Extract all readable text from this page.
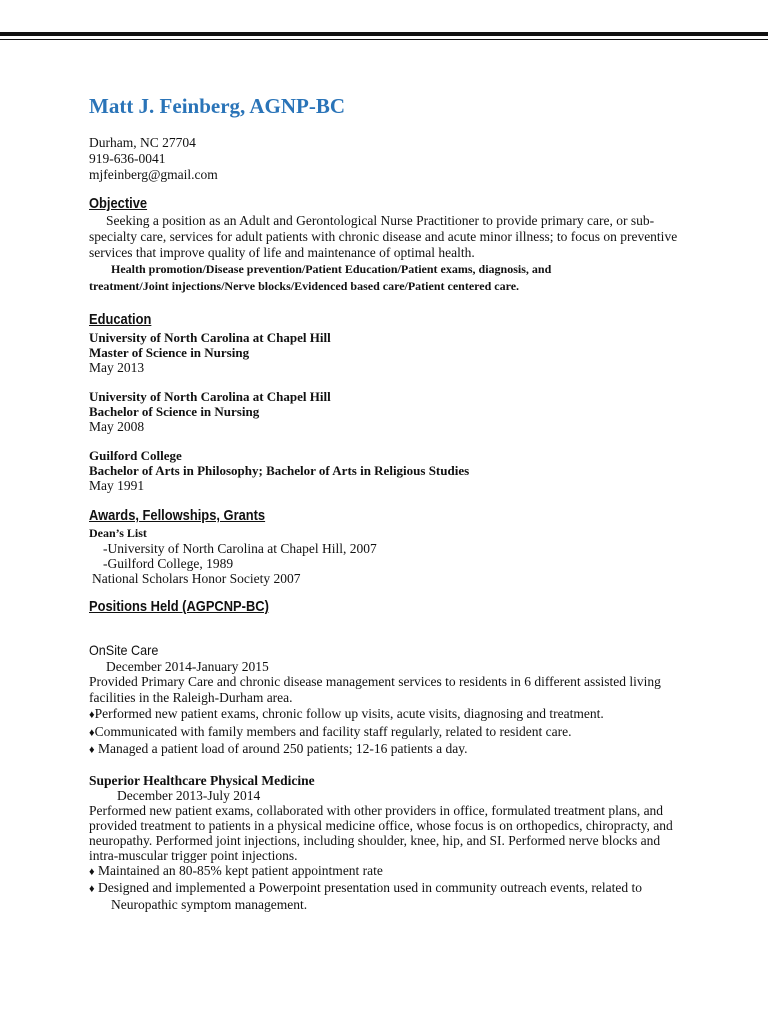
Matt J. Feinberg, AGNP-BC
Durham, NC 27704
919-636-0041
mjfeinberg@gmail.com
Objective

Seeking a position as an Adult and Gerontological Nurse Practitioner to provide primary care, or sub-specialty care, services for adult patients with chronic disease and acute minor illness; to focus on preventive services that improve quality of life and maintenance of optimal health.

Health promotion/Disease prevention/Patient Education/Patient exams, diagnosis, and

treatment/Joint injections/Nerve blocks/Evidenced based care/Patient centered care.

Education
University of North Carolina at Chapel Hill
Master of Science in Nursing
May 2013
University of North Carolina at Chapel Hill
Bachelor of Science in Nursing
May 2008
Guilford College
Bachelor of Arts in Philosophy; Bachelor of Arts in Religious Studies
May 1991
Awards, Fellowships, Grants
Dean’s List
-University of North Carolina at Chapel Hill, 2007
-Guilford College, 1989
National Scholars Honor Society 2007
Positions Held (AGPCNP-BC)
OnSite Care
December 2014-January 2015
Provided Primary Care and chronic disease management services to residents in 6 different assisted living facilities in the Raleigh-Durham area.
♦Performed new patient exams, chronic follow up visits, acute visits, diagnosing and treatment.
♦Communicated with family members and facility staff regularly, related to resident care.
♦ Managed a patient load of around 250 patients; 12-16 patients a day.
Superior Healthcare Physical Medicine
December 2013-July 2014
Performed new patient exams, collaborated with other providers in office, formulated treatment plans, and provided treatment to patients in a physical medicine office, whose focus is on orthopedics, chiropracty, and neuropathy. Performed joint injections, including shoulder, knee, hip, and SI. Performed nerve blocks and intra-muscular trigger point injections.
♦ Maintained an 80-85% kept patient appointment rate
♦ Designed and implemented a Powerpoint presentation used in community outreach events, related to Neuropathic symptom management.
